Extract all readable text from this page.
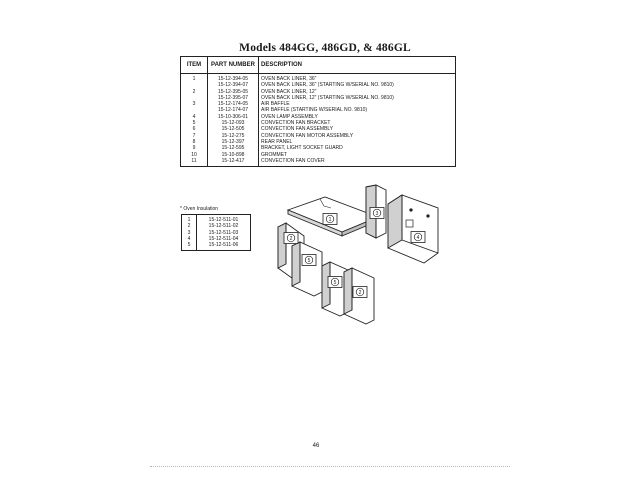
Models 484GG, 486GD, & 486GL
ITEM	PART NUMBER	DESCRIPTION
1	15-12-394-05	OVEN BACK LINER, 36"
	15-12-394-07	OVEN BACK LINER, 36" (STARTING W/SERIAL NO. 9810)
2	15-12-395-05	OVEN BACK LINER, 12"
	15-12-395-07	OVEN BACK LINER, 12" (STARTING W/SERIAL NO. 9810)
3	15-12-174-05	AIR BAFFLE
	15-12-174-07	AIR BAFFLE (STARTING W/SERIAL NO. 9810)
4	15-10-306-01	OVEN LAMP ASSEMBLY
5	15-12-093	CONVECTION FAN BRACKET
6	15-12-505	CONVECTION FAN ASSEMBLY
7	15-12-275	CONVECTION FAN MOTOR ASSEMBLY
8	15-12-397	REAR PANEL
9	15-12-595	BRACKET, LIGHT SOCKET GUARD
10	15-10-898	GROMMET
11	15-12-417	CONVECTION FAN COVER
* Oven Insulation
1	15-12-511-01
2	15-12-511-02
3	15-12-511-03
4	15-12-511-04
5	15-12-511-06
1
2
3
4
5
5
2
46
